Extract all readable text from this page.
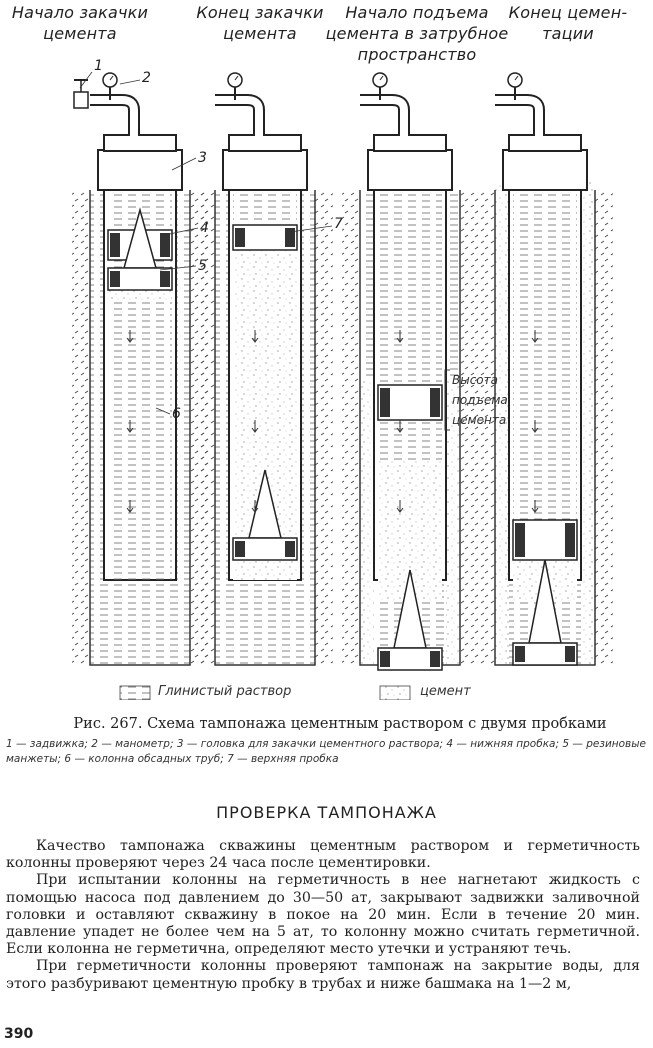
Начало закачки
цемента
Конец закачки
цемента
Начало подъема
цемента в затрубное
пространство
Конец цемен-
тации
Высота
подъема
цемента
1
2
3
4
5
6
7
Глинистый раствор	цемент
Рис. 267. Схема тампонажа цементным раствором с двумя пробками
1 — задвижка; 2 — манометр; 3 — головка для закачки цементного раствора; 4 — нижняя пробка; 5 — резиновые манжеты; 6 — колонна обсадных труб; 7 — верхняя пробка
ПРОВЕРКА ТАМПОНАЖА

Качество тампонажа скважины цементным раствором и герметичность колонны проверяют через 24 часа после цементировки.

При испытании колонны на герметичность в нее нагнетают жидкость с помощью насоса под давлением до 30—50 ат, закрывают задвижки заливочной головки и оставляют скважину в покое на 20 мин. Если в течение 20 мин. давление упадет не более чем на 5 ат, то колонну можно считать герметичной. Если колонна не герметична, определяют место утечки и устраняют течь.

При герметичности колонны проверяют тампонаж на закрытие воды, для этого разбуривают цементную пробку в трубах и ниже башмака на 1—2 м,

390
